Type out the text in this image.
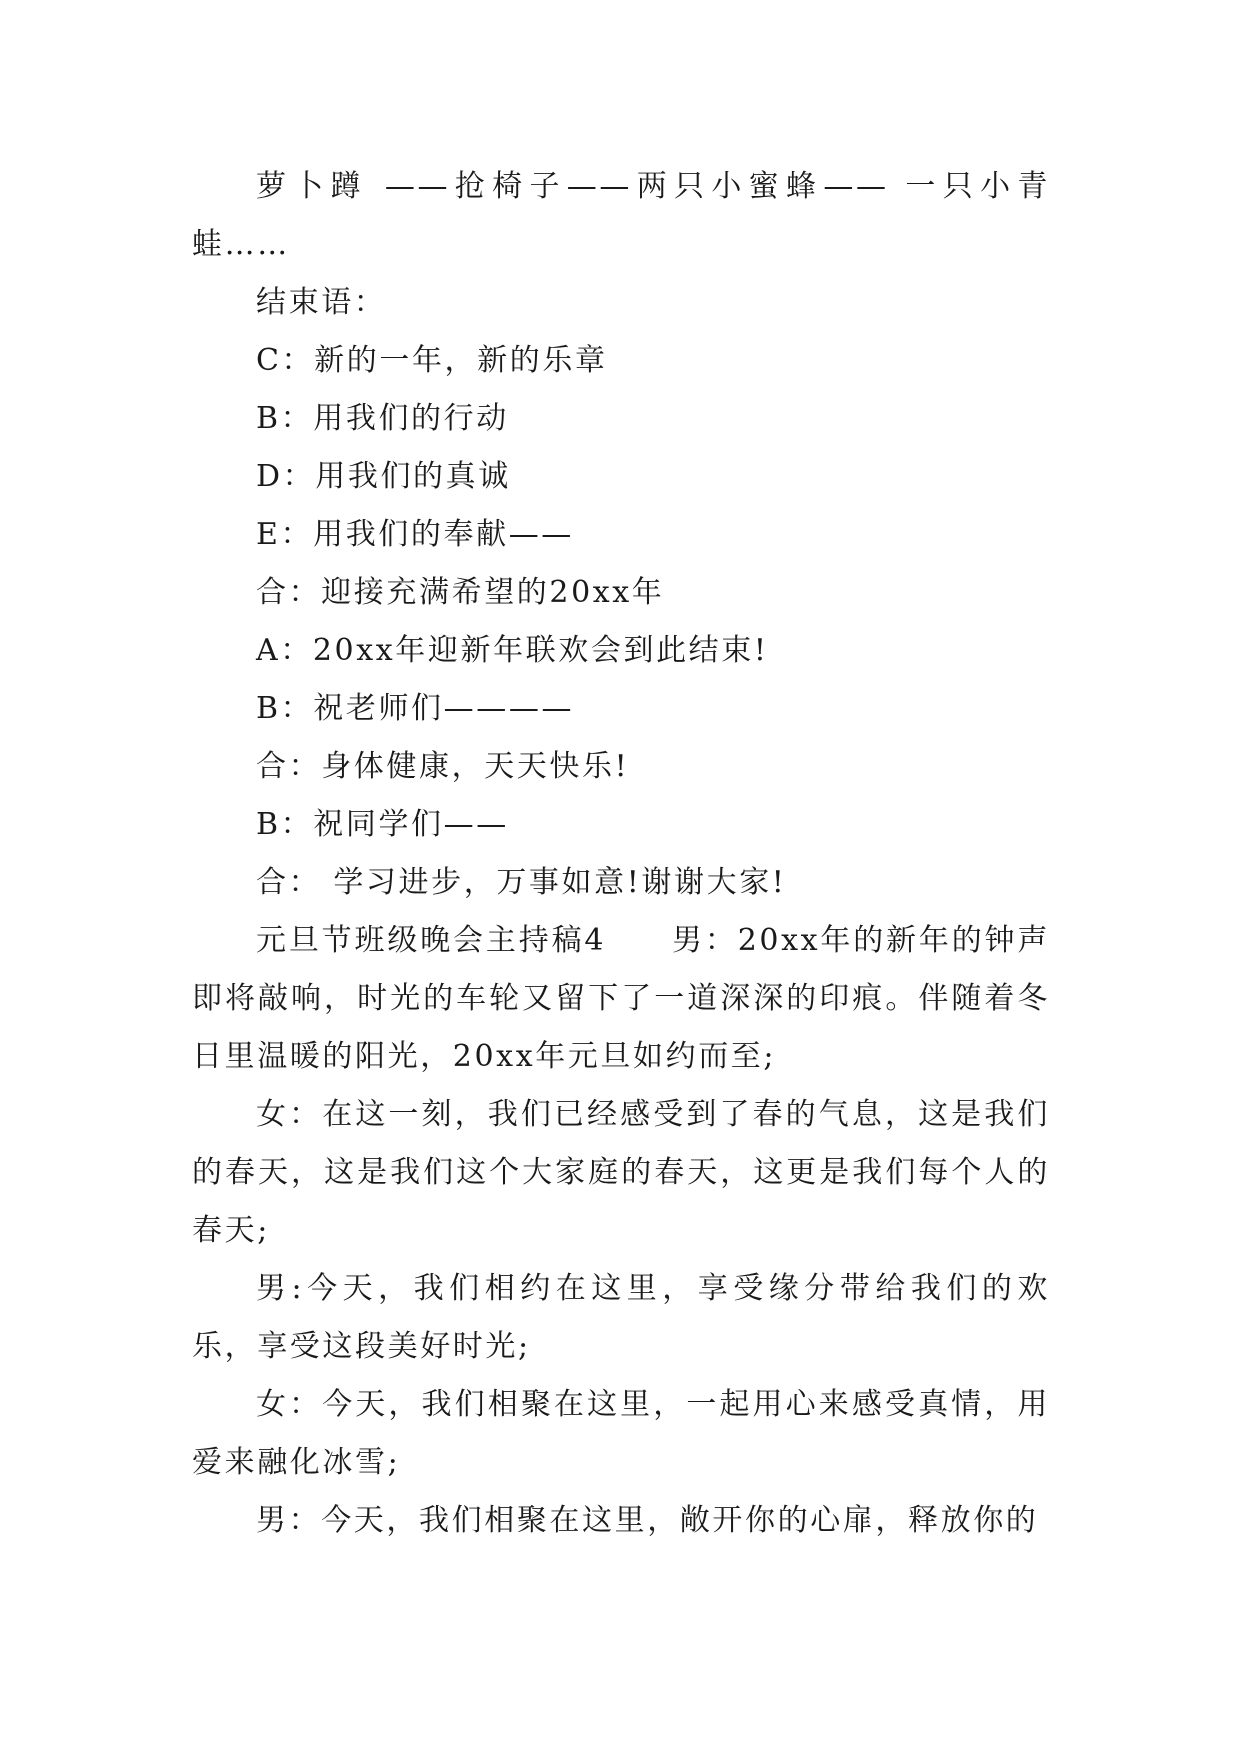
萝卜蹲 ——抢椅子——两只小蜜蜂—— 一只小青蛙……

结束语：

C：新的一年，新的乐章

B：用我们的行动

D：用我们的真诚

E：用我们的奉献——

合：迎接充满希望的20xx年

A：20xx年迎新年联欢会到此结束!

B：祝老师们————

合：身体健康，天天快乐!

B：祝同学们——

合： 学习进步，万事如意!谢谢大家!

元旦节班级晚会主持稿4　　男：20xx年的新年的钟声即将敲响，时光的车轮又留下了一道深深的印痕。伴随着冬日里温暖的阳光，20xx年元旦如约而至;

女：在这一刻，我们已经感受到了春的气息，这是我们的春天，这是我们这个大家庭的春天，这更是我们每个人的春天;

男:今天，我们相约在这里，享受缘分带给我们的欢乐，享受这段美好时光;

女：今天，我们相聚在这里，一起用心来感受真情，用爱来融化冰雪;

男：今天，我们相聚在这里，敞开你的心扉，释放你的
